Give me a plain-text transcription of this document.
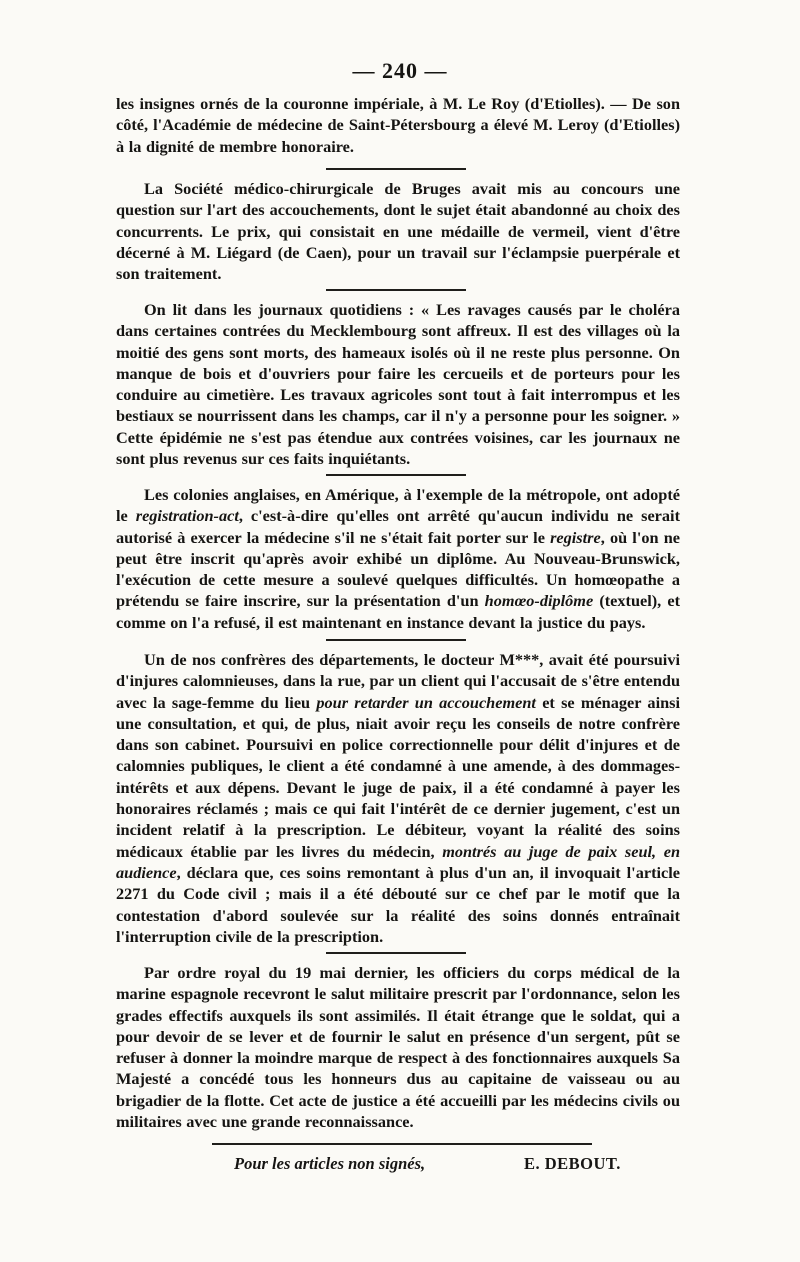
— 240 —

les insignes ornés de la couronne impériale, à M. Le Roy (d'Etiolles). — De son côté, l'Académie de médecine de Saint-Pétersbourg a élevé M. Leroy (d'Etiolles) à la dignité de membre honoraire.

La Société médico-chirurgicale de Bruges avait mis au concours une question sur l'art des accouchements, dont le sujet était abandonné au choix des concurrents. Le prix, qui consistait en une médaille de vermeil, vient d'être décerné à M. Liégard (de Caen), pour un travail sur l'éclampsie puerpérale et son traitement.

On lit dans les journaux quotidiens : « Les ravages causés par le choléra dans certaines contrées du Mecklembourg sont affreux. Il est des villages où la moitié des gens sont morts, des hameaux isolés où il ne reste plus personne. On manque de bois et d'ouvriers pour faire les cercueils et de porteurs pour les conduire au cimetière. Les travaux agricoles sont tout à fait interrompus et les bestiaux se nourrissent dans les champs, car il n'y a personne pour les soigner. » Cette épidémie ne s'est pas étendue aux contrées voisines, car les journaux ne sont plus revenus sur ces faits inquiétants.

Les colonies anglaises, en Amérique, à l'exemple de la métropole, ont adopté le registration-act, c'est-à-dire qu'elles ont arrêté qu'aucun individu ne serait autorisé à exercer la médecine s'il ne s'était fait porter sur le registre, où l'on ne peut être inscrit qu'après avoir exhibé un diplôme. Au Nouveau-Brunswick, l'exécution de cette mesure a soulevé quelques difficultés. Un homœopathe a prétendu se faire inscrire, sur la présentation d'un homœo-diplôme (textuel), et comme on l'a refusé, il est maintenant en instance devant la justice du pays.

Un de nos confrères des départements, le docteur M***, avait été poursuivi d'injures calomnieuses, dans la rue, par un client qui l'accusait de s'être entendu avec la sage-femme du lieu pour retarder un accouchement et se ménager ainsi une consultation, et qui, de plus, niait avoir reçu les conseils de notre confrère dans son cabinet. Poursuivi en police correctionnelle pour délit d'injures et de calomnies publiques, le client a été condamné à une amende, à des dommages-intérêts et aux dépens. Devant le juge de paix, il a été condamné à payer les honoraires réclamés ; mais ce qui fait l'intérêt de ce dernier jugement, c'est un incident relatif à la prescription. Le débiteur, voyant la réalité des soins médicaux établie par les livres du médecin, montrés au juge de paix seul, en audience, déclara que, ces soins remontant à plus d'un an, il invoquait l'article 2271 du Code civil ; mais il a été débouté sur ce chef par le motif que la contestation d'abord soulevée sur la réalité des soins donnés entraînait l'interruption civile de la prescription.

Par ordre royal du 19 mai dernier, les officiers du corps médical de la marine espagnole recevront le salut militaire prescrit par l'ordonnance, selon les grades effectifs auxquels ils sont assimilés. Il était étrange que le soldat, qui a pour devoir de se lever et de fournir le salut en présence d'un sergent, pût se refuser à donner la moindre marque de respect à des fonctionnaires auxquels Sa Majesté a concédé tous les honneurs dus au capitaine de vaisseau ou au brigadier de la flotte. Cet acte de justice a été accueilli par les médecins civils ou militaires avec une grande reconnaissance.

Pour les articles non signés,	E. DEBOUT.
